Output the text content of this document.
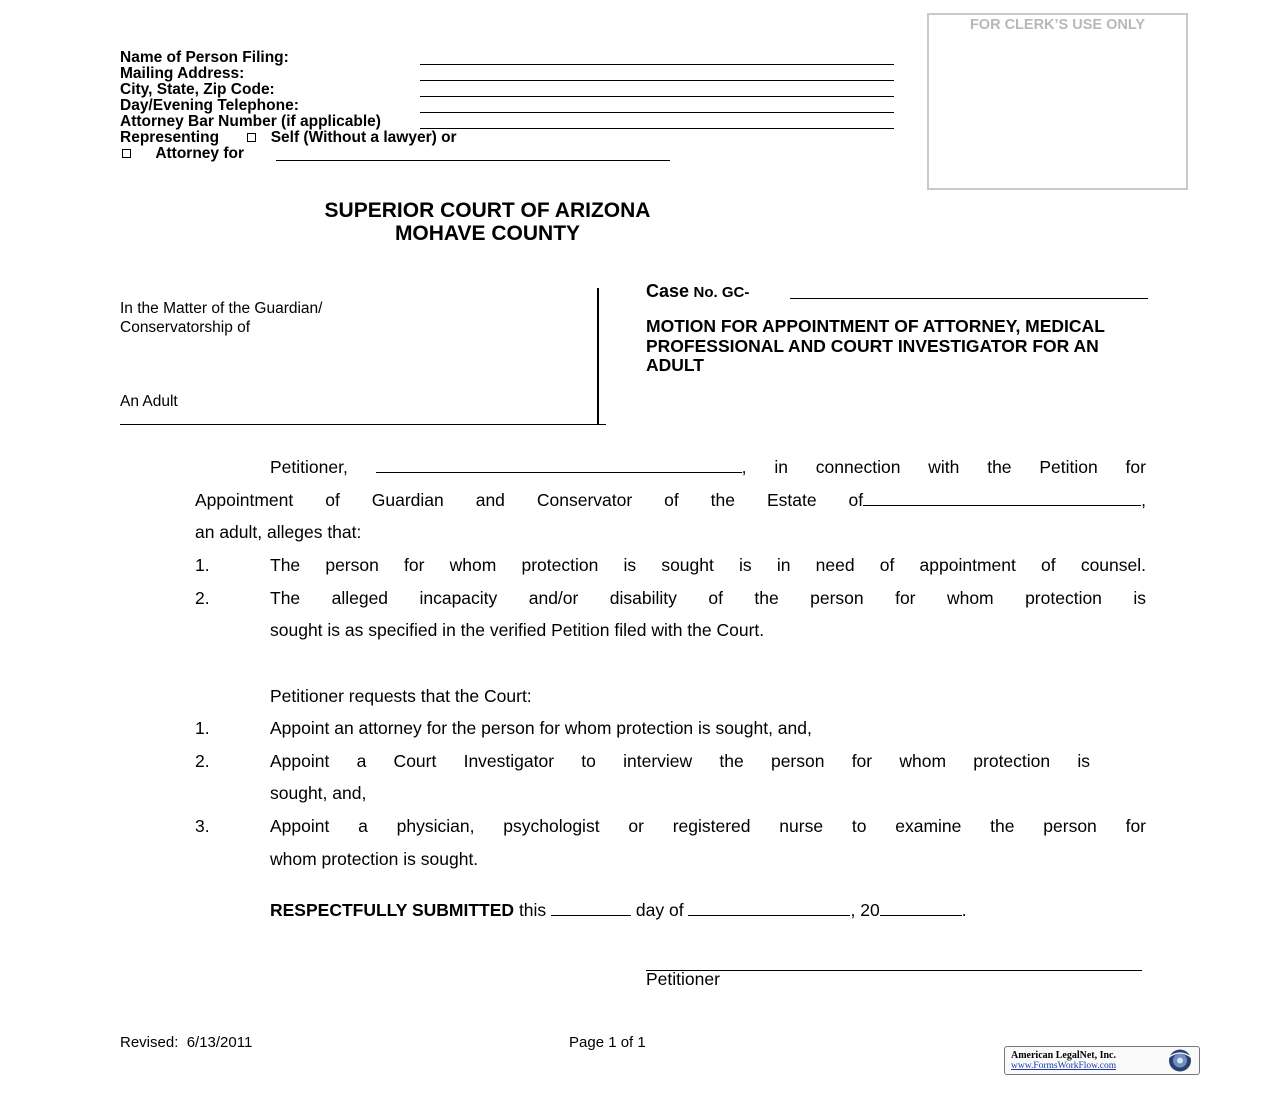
Name of Person Filing:
Mailing Address:
City, State, Zip Code:
Day/Evening Telephone:
Attorney Bar Number (if applicable)
Representing	Self (Without a lawyer) or
Attorney for
FOR CLERK’S USE ONLY
SUPERIOR COURT OF ARIZONA
MOHAVE COUNTY
In the Matter of the Guardian/
Conservatorship of
An Adult
Case No. GC-
MOTION FOR APPOINTMENT OF ATTORNEY, MEDICAL PROFESSIONAL AND COURT INVESTIGATOR FOR AN ADULT
Petitioner,	, in connection with the Petition for
Appointment of Guardian and Conservator of the Estate of	,
an adult, alleges that:
1.	The person for whom protection is sought is in need of appointment of counsel.
2.	The alleged incapacity and/or disability of the person for whom protection is
sought is as specified in the verified Petition filed with the Court.
Petitioner requests that the Court:
1.	Appoint an attorney for the person for whom protection is sought, and,
2.	Appoint a Court Investigator to interview the person for whom protection is
sought, and,
3.	Appoint a physician, psychologist or registered nurse to examine the person for
whom protection is sought.
RESPECTFULLY SUBMITTED this	day of	, 20	.
Petitioner
Revised:  6/13/2011	Page 1 of 1
American LegalNet, Inc.
www.FormsWorkFlow.com
